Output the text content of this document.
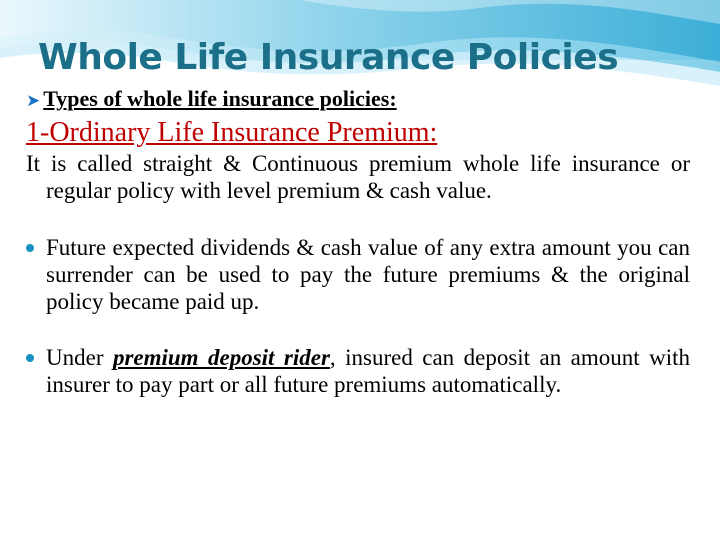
Whole Life Insurance Policies
➤ Types of whole life insurance policies:
1-Ordinary Life Insurance Premium:

It is called straight & Continuous premium whole life insurance or regular policy with level premium & cash value.

Future expected dividends & cash value of any extra amount you can surrender can be used to pay the future premiums & the original policy became paid up.
Under premium deposit rider, insured can deposit an amount with insurer to pay part or all future premiums automatically.
